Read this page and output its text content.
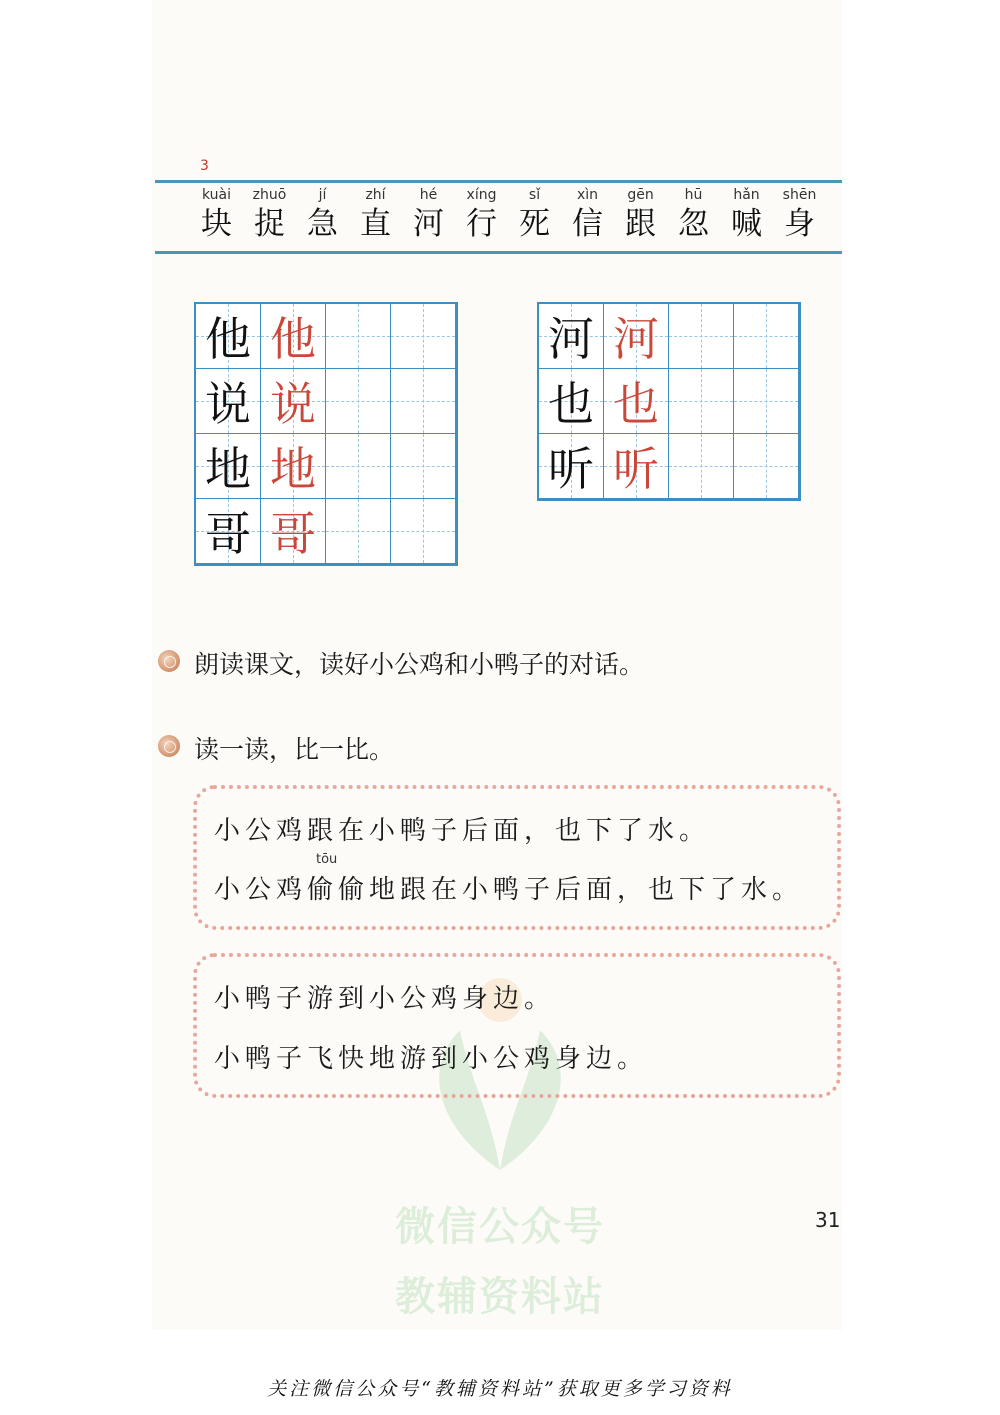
微信公众号
教辅资料站
3
kuài
块
zhuō
捉
jí
急
zhí
直
hé
河
xíng
行
sǐ
死
xìn
信
gēn
跟
hū
忽
hǎn
喊
shēn
身
他 他
说 说
地 地
哥 哥
河 河
也 也
听 听
朗读课文，读好小公鸡和小鸭子的对话。
读一读，比一比。
小公鸡跟在小鸭子后面，也下了水。
tōu
小公鸡偷偷地跟在小鸭子后面，也下了水。
小鸭子游到小公鸡身边。
小鸭子飞快地游到小公鸡身边。
31
关注微信公众号“教辅资料站”获取更多学习资料
